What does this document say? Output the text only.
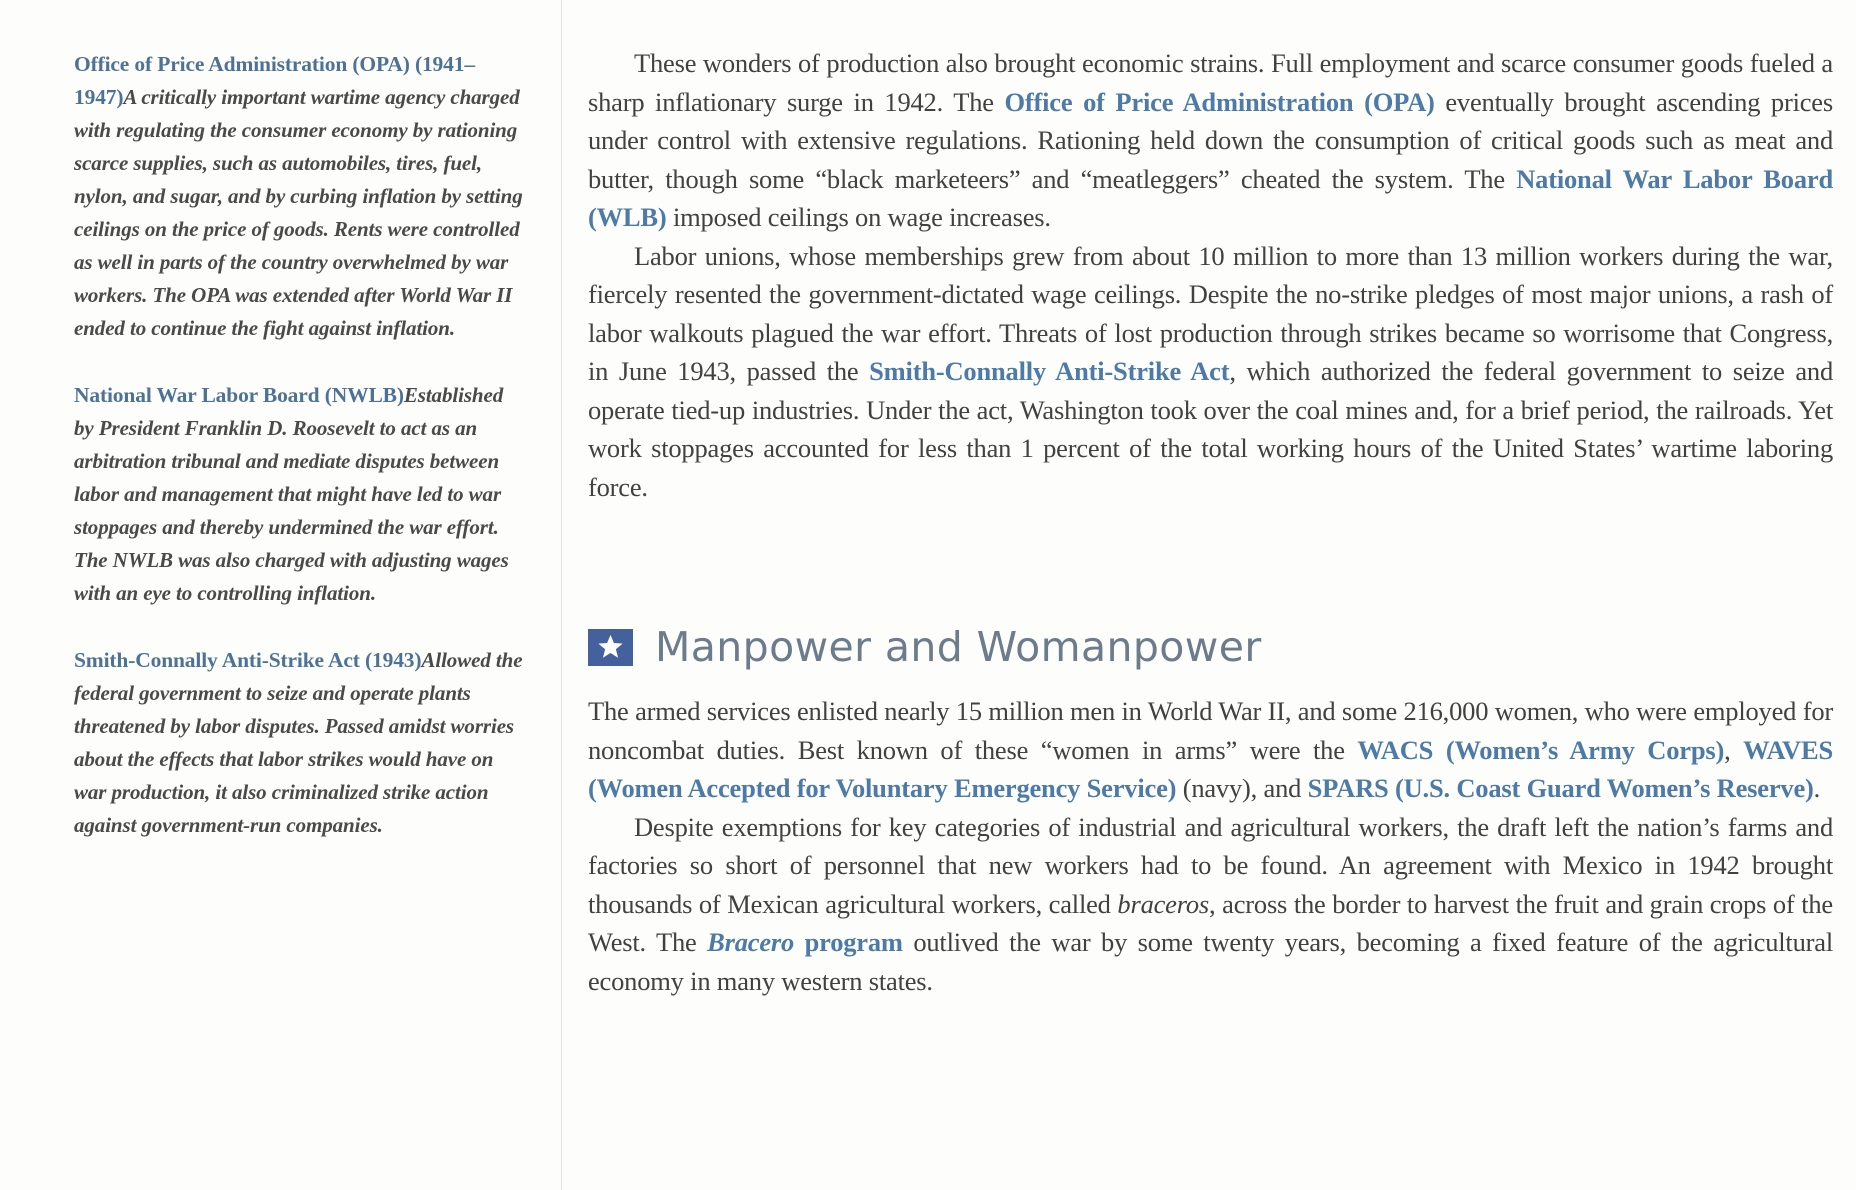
Office of Price Administration (OPA) (1941–1947)A critically important wartime agency charged with regulating the consumer economy by rationing scarce supplies, such as automobiles, tires, fuel, nylon, and sugar, and by curbing inflation by setting ceilings on the price of goods. Rents were controlled as well in parts of the country overwhelmed by war workers. The OPA was extended after World War II ended to continue the fight against inflation.

National War Labor Board (NWLB)Established by President Franklin D. Roosevelt to act as an arbitration tribunal and mediate disputes between labor and management that might have led to war stoppages and thereby undermined the war effort. The NWLB was also charged with adjusting wages with an eye to controlling inflation.

Smith-Connally Anti-Strike Act (1943)Allowed the federal government to seize and operate plants threatened by labor disputes. Passed amidst worries about the effects that labor strikes would have on war production, it also criminalized strike action against government-run companies.

These wonders of production also brought economic strains. Full employment and scarce consumer goods fueled a sharp inflationary surge in 1942. The Office of Price Administration (OPA) eventually brought ascending prices under control with extensive regulations. Rationing held down the consumption of critical goods such as meat and butter, though some “black marketeers” and “meatleggers” cheated the system. The National War Labor Board (WLB) imposed ceilings on wage increases.

Labor unions, whose memberships grew from about 10 million to more than 13 million workers during the war, fiercely resented the government-dictated wage ceilings. Despite the no-strike pledges of most major unions, a rash of labor walkouts plagued the war effort. Threats of lost production through strikes became so worrisome that Congress, in June 1943, passed the Smith-Connally Anti-Strike Act, which authorized the federal government to seize and operate tied-up industries. Under the act, Washington took over the coal mines and, for a brief period, the railroads. Yet work stoppages accounted for less than 1 percent of the total working hours of the United States’ wartime laboring force.

Manpower and Womanpower

The armed services enlisted nearly 15 million men in World War II, and some 216,000 women, who were employed for noncombat duties. Best known of these “women in arms” were the WACS (Women’s Army Corps), WAVES (Women Accepted for Voluntary Emergency Service) (navy), and SPARS (U.S. Coast Guard Women’s Reserve).

Despite exemptions for key categories of industrial and agricultural workers, the draft left the nation’s farms and factories so short of personnel that new workers had to be found. An agreement with Mexico in 1942 brought thousands of Mexican agricultural workers, called braceros, across the border to harvest the fruit and grain crops of the West. The Bracero program outlived the war by some twenty years, becoming a fixed feature of the agricultural economy in many western states.
